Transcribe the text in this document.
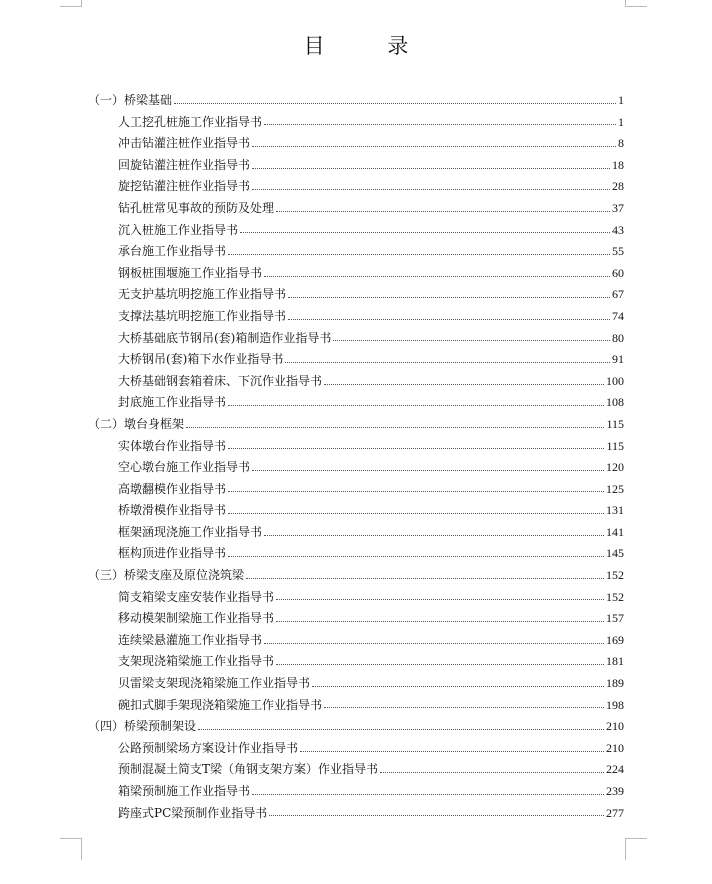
目 录
（一） 桥梁基础	1
人工挖孔桩施工作业指导书	1
冲击钻灌注桩作业指导书	8
回旋钻灌注桩作业指导书	18
旋挖钻灌注桩作业指导书	28
钻孔桩常见事故的预防及处理	37
沉入桩施工作业指导书	43
承台施工作业指导书	55
钢板桩围堰施工作业指导书	60
无支护基坑明挖施工作业指导书	67
支撑法基坑明挖施工作业指导书	74
大桥基础底节钢吊(套)箱制造作业指导书	80
大桥钢吊(套)箱下水作业指导书	91
大桥基础钢套箱着床、下沉作业指导书	100
封底施工作业指导书	108
（二） 墩台身框架	115
实体墩台作业指导书	115
空心墩台施工作业指导书	120
高墩翻模作业指导书	125
桥墩滑模作业指导书	131
框架涵现浇施工作业指导书	141
框构顶进作业指导书	145
（三） 桥梁支座及原位浇筑梁	152
简支箱梁支座安装作业指导书	152
移动模架制梁施工作业指导书	157
连续梁悬灌施工作业指导书	169
支架现浇箱梁施工作业指导书	181
贝雷梁支架现浇箱梁施工作业指导书	189
碗扣式脚手架现浇箱梁施工作业指导书	198
（四） 桥梁预制架设	210
公路预制梁场方案设计作业指导书	210
预制混凝土简支T梁（角钢支架方案）作业指导书	224
箱梁预制施工作业指导书	239
跨座式PC梁预制作业指导书	277
